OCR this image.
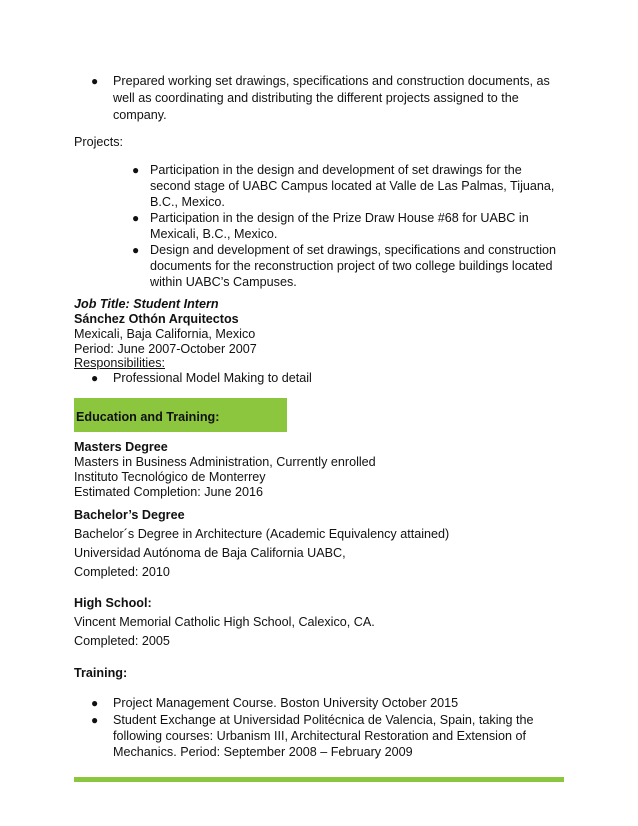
● Prepared working set drawings, specifications and construction documents, as
well as coordinating and distributing the different projects assigned to the
company.
Projects:
● Participation in the design and development of set drawings for the
second stage of UABC Campus located at Valle de Las Palmas, Tijuana,
B.C., Mexico.
● Participation in the design of the Prize Draw House #68 for UABC in
Mexicali, B.C., Mexico.
● Design and development of set drawings, specifications and construction
documents for the reconstruction project of two college buildings located
within UABC’s Campuses.
Job Title: Student Intern
Sánchez Othón Arquitectos
Mexicali, Baja California, Mexico
Period: June 2007-October 2007
Responsibilities:
● Professional Model Making to detail
Education and Training:
Masters Degree
Masters in Business Administration, Currently enrolled
Instituto Tecnológico de Monterrey
Estimated Completion: June 2016
Bachelor’s Degree
Bachelor´s Degree in Architecture (Academic Equivalency attained)
Universidad Autónoma de Baja California UABC,
Completed: 2010
High School:
Vincent Memorial Catholic High School, Calexico, CA.
Completed: 2005
Training:
● Project Management Course. Boston University October 2015
● Student Exchange at Universidad Politécnica de Valencia, Spain, taking the
following courses: Urbanism III, Architectural Restoration and Extension of
Mechanics. Period: September 2008 – February 2009
